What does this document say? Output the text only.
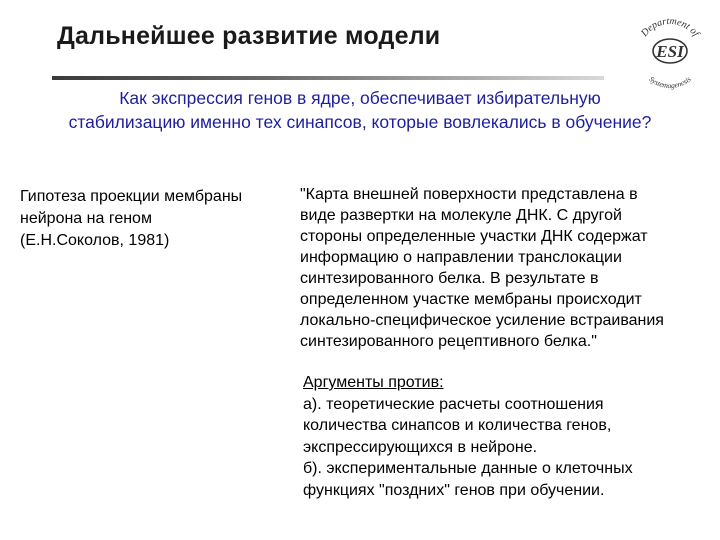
Дальнейшее развитие модели	Department of
ESI
Systemogenesis
Как экспрессия генов в ядре, обеспечивает избирательную
стабилизацию именно тех синапсов, которые вовлекались в обучение?
Гипотеза проекции мембраны
нейрона на геном
(Е.Н.Соколов, 1981)
"Карта внешней поверхности представлена в
виде развертки на молекуле ДНК. С другой
стороны определенные участки ДНК содержат
информацию о направлении транслокации
синтезированного белка. В результате в
определенном участке мембраны происходит
локально-специфическое усиление встраивания
синтезированного рецептивного белка."
Аргументы против:
а). теоретические расчеты соотношения
количества синапсов и количества генов,
экспрессирующихся в нейроне.
б). экспериментальные данные о клеточных
функциях "поздних" генов при обучении.
